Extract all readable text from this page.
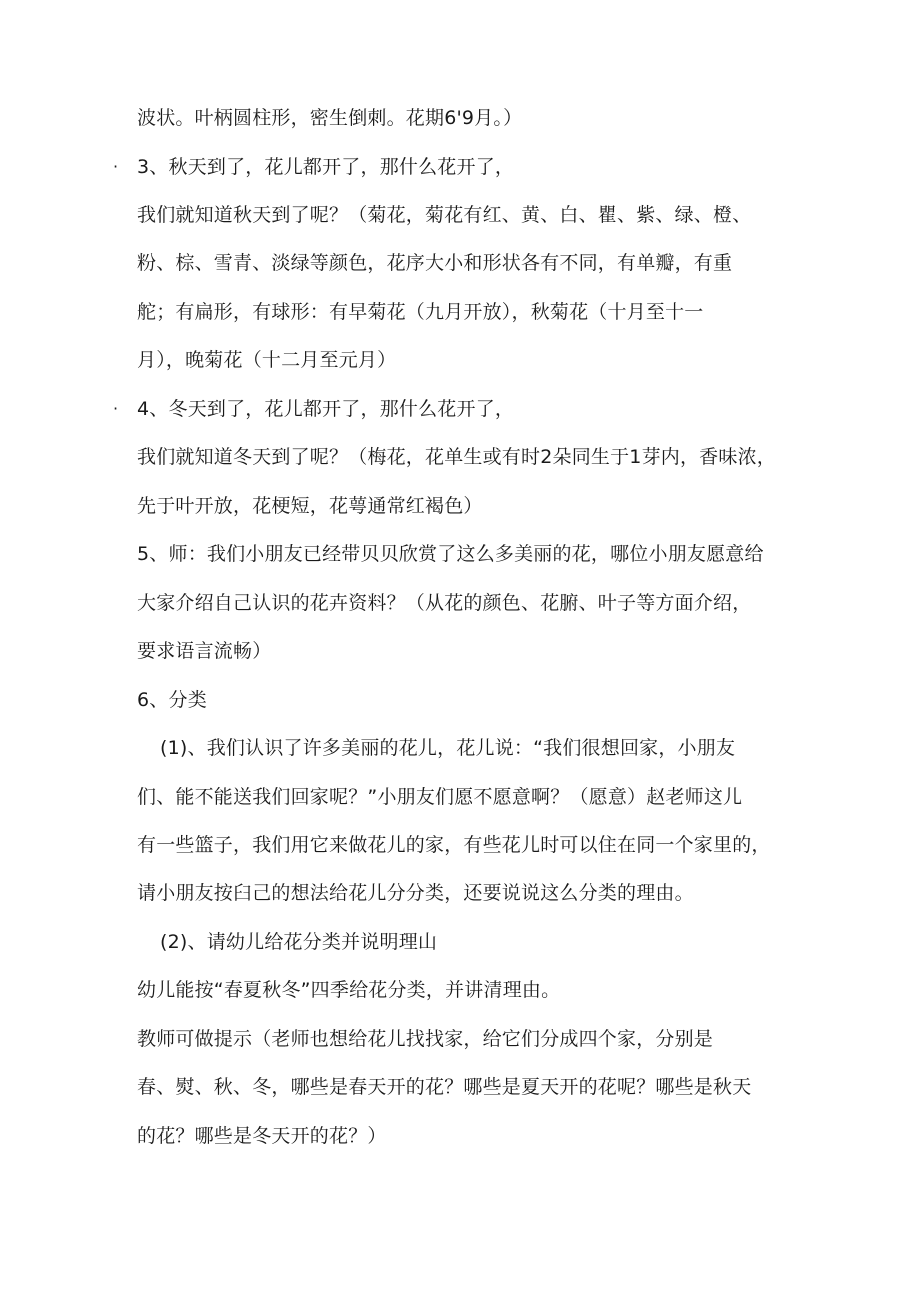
波状。叶柄圆柱形，密生倒刺。花期6'9月。）
· 3、秋天到了，花儿都开了，那什么花开了，
我们就知道秋天到了呢？（菊花，菊花有红、黄、白、瞿、紫、绿、橙、
粉、棕、雪青、淡绿等颜色，花序大小和形状各有不同，有单瓣，有重
舵；有扁形，有球形：有早菊花（九月开放），秋菊花（十月至十一
月），晚菊花（十二月至元月）
· 4、冬天到了，花儿都开了，那什么花开了，
我们就知道冬天到了呢？（梅花，花单生或有时2朵同生于1芽内，香味浓，
先于叶开放，花梗短，花萼通常红褐色）
5、师：我们小朋友已经带贝贝欣赏了这么多美丽的花，哪位小朋友愿意给
大家介绍自己认识的花卉资料？（从花的颜色、花腑、叶子等方面介绍，
要求语言流畅）
6、分类
(1)、我们认识了许多美丽的花儿，花儿说：“我们很想回家，小朋友
们、能不能送我们回家呢？”小朋友们愿不愿意啊？（愿意）赵老师这儿
有一些篮子，我们用它来做花儿的家，有些花儿时可以住在同一个家里的，
请小朋友按臼己的想法给花儿分分类，还要说说这么分类的理由。
(2)、请幼儿给花分类并说明理山
幼儿能按“春夏秋冬”四季给花分类，并讲清理由。
教师可做提示（老师也想给花儿找找家，给它们分成四个家，分别是
春、熨、秋、冬，哪些是春天开的花？哪些是夏天开的花呢？哪些是秋天
的花？哪些是冬天开的花？）
